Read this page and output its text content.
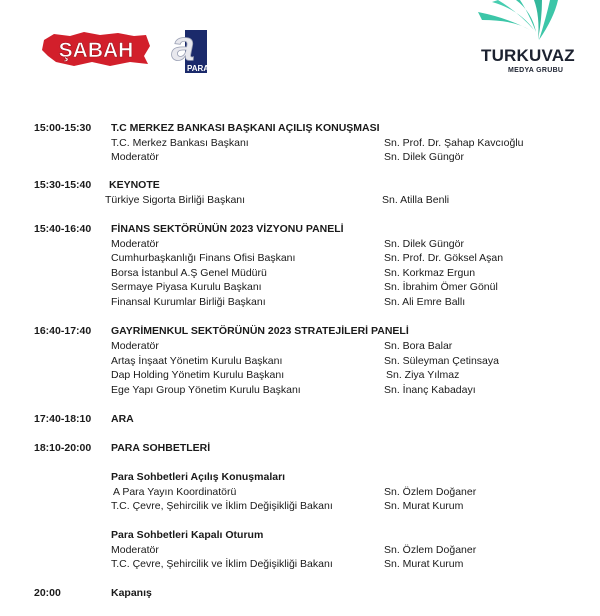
ŞABAH a
PARA
TURKUVAZ
MEDYA GRUBU
15:00-15:30 T.C MERKEZ BANKASI BAŞKANI AÇILIŞ KONUŞMASI
T.C. Merkez Bankası Başkanı	Sn. Prof. Dr. Şahap Kavcıoğlu
Moderatör	Sn. Dilek Güngör
15:30-15:40 KEYNOTE
Türkiye Sigorta Birliği Başkanı	Sn. Atilla Benli
15:40-16:40 FİNANS SEKTÖRÜNÜN 2023 VİZYONU PANELİ
Moderatör	Sn. Dilek Güngör
Cumhurbaşkanlığı Finans Ofisi Başkanı	Sn. Prof. Dr. Göksel Aşan
Borsa İstanbul A.Ş Genel Müdürü	Sn. Korkmaz Ergun
Sermaye Piyasa Kurulu Başkanı	Sn. İbrahim Ömer Gönül
Finansal Kurumlar Birliği Başkanı	Sn. Ali Emre Ballı
16:40-17:40 GAYRİMENKUL SEKTÖRÜNÜN 2023 STRATEJİLERİ PANELİ
Moderatör	Sn. Bora Balar
Artaş İnşaat Yönetim Kurulu Başkanı	Sn. Süleyman Çetinsaya
Dap Holding Yönetim Kurulu Başkanı	Sn. Ziya Yılmaz
Ege Yapı Group Yönetim Kurulu Başkanı	Sn. İnanç Kabadayı
17:40-18:10 ARA
18:10-20:00 PARA SOHBETLERİ
Para Sohbetleri Açılış Konuşmaları
A Para Yayın Koordinatörü	Sn. Özlem Doğaner
T.C. Çevre, Şehircilik ve İklim Değişikliği Bakanı	Sn. Murat Kurum
Para Sohbetleri Kapalı Oturum
Moderatör	Sn. Özlem Doğaner
T.C. Çevre, Şehircilik ve İklim Değişikliği Bakanı	Sn. Murat Kurum
20:00	Kapanış
